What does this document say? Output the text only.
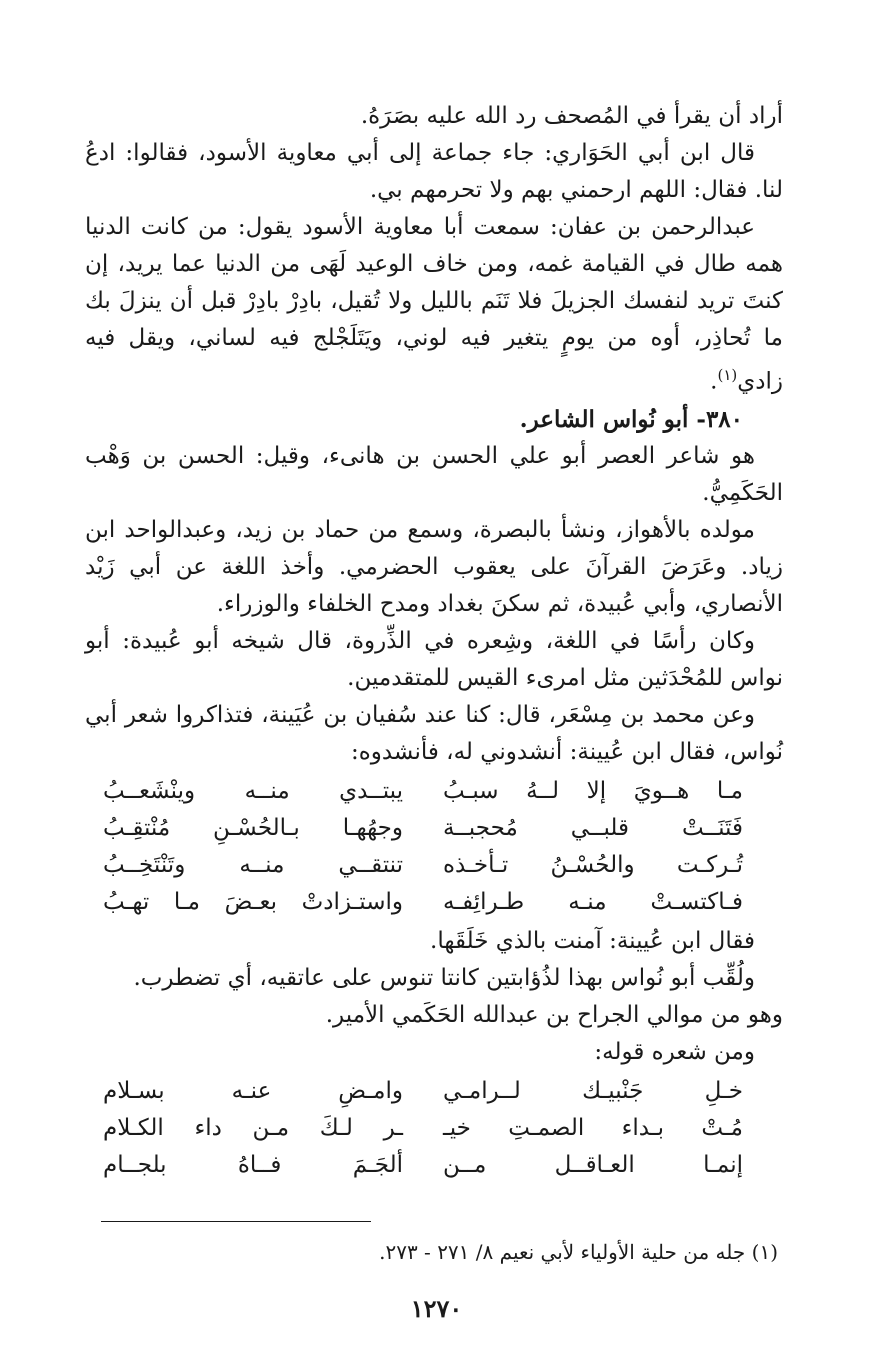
أراد أن يقرأ في المُصحف رد الله عليه بصَرَهُ.

قال ابن أبي الحَوَاري: جاء جماعة إلى أبي معاوية الأسود، فقالوا: ادعُ لنا. فقال: اللهم ارحمني بهم ولا تحرمهم بي.

عبدالرحمن بن عفان: سمعت أبا معاوية الأسود يقول: من كانت الدنيا همه طال في القيامة غمه، ومن خاف الوعيد لَهَى من الدنيا عما يريد، إن كنتَ تريد لنفسك الجزيلَ فلا تَنَم بالليل ولا تُقيل، بادِرْ بادِرْ قبل أن ينزلَ بك ما تُحاذِر، أوه من يومٍ يتغير فيه لوني، ويَتَلَجْلج فيه لساني، ويقل فيه زادي$^{(١)}$.

٣٨٠- أبو نُواس الشاعر.

هو شاعر العصر أبو علي الحسن بن هانىء، وقيل: الحسن بن وَهْب الحَكَمِيُّ.

مولده بالأهواز، ونشأ بالبصرة، وسمع من حماد بن زيد، وعبدالواحد ابن زياد. وعَرَضَ القرآنَ على يعقوب الحضرمي. وأخذ اللغة عن أبي زَيْد الأنصاري، وأبي عُبيدة، ثم سكنَ بغداد ومدح الخلفاء والوزراء.

وكان رأسًا في اللغة، وشِعره في الذِّروة، قال شيخه أبو عُبيدة: أبو نواس للمُحْدَثين مثل امرىء القيس للمتقدمين.

وعن محمد بن مِسْعَر، قال: كنا عند سُفيان بن عُيَينة، فتذاكروا شعر أبي نُواس، فقال ابن عُيينة: أنشدوني له، فأنشدوه:

مـا هــويَ إلا لــهُ سبـبُ
يبتــدي منــه وينْشَعــبُ
فَتَنَــتْ قلبــي مُحجبــة
وجهُهـا بـالحُسْـنِ مُنْتقِـبُ
تُـركـت والحُسْـنُ تـأخـذه
تنتقــي منــه وتَنْتَخِــبُ
فـاكتسـتْ منـه طـرائِفـه
واستـزادتْ بعـضَ مـا تهـبُ

فقال ابن عُيينة: آمنت بالذي خَلَقَها.

ولُقِّب أبو نُواس بهذا لذُؤابتين كانتا تنوس على عاتقيه، أي تضطرب.

وهو من موالي الجراح بن عبدالله الحَكَمي الأمير.

ومن شعره قوله:

خـلِ جَنْبيـك لــرامـي
وامـضِ عنـه بسـلام
مُـتْ بـداء الصمـتِ خيـ
ـر لـكَ مـن داء الكـلام
إنمـا العـاقــل مــن
ألجَـمَ فــاهُ بلجــام
(١) جله من حلية الأولياء لأبي نعيم ٨/ ٢٧١ - ٢٧٣.
١٢٧٠
